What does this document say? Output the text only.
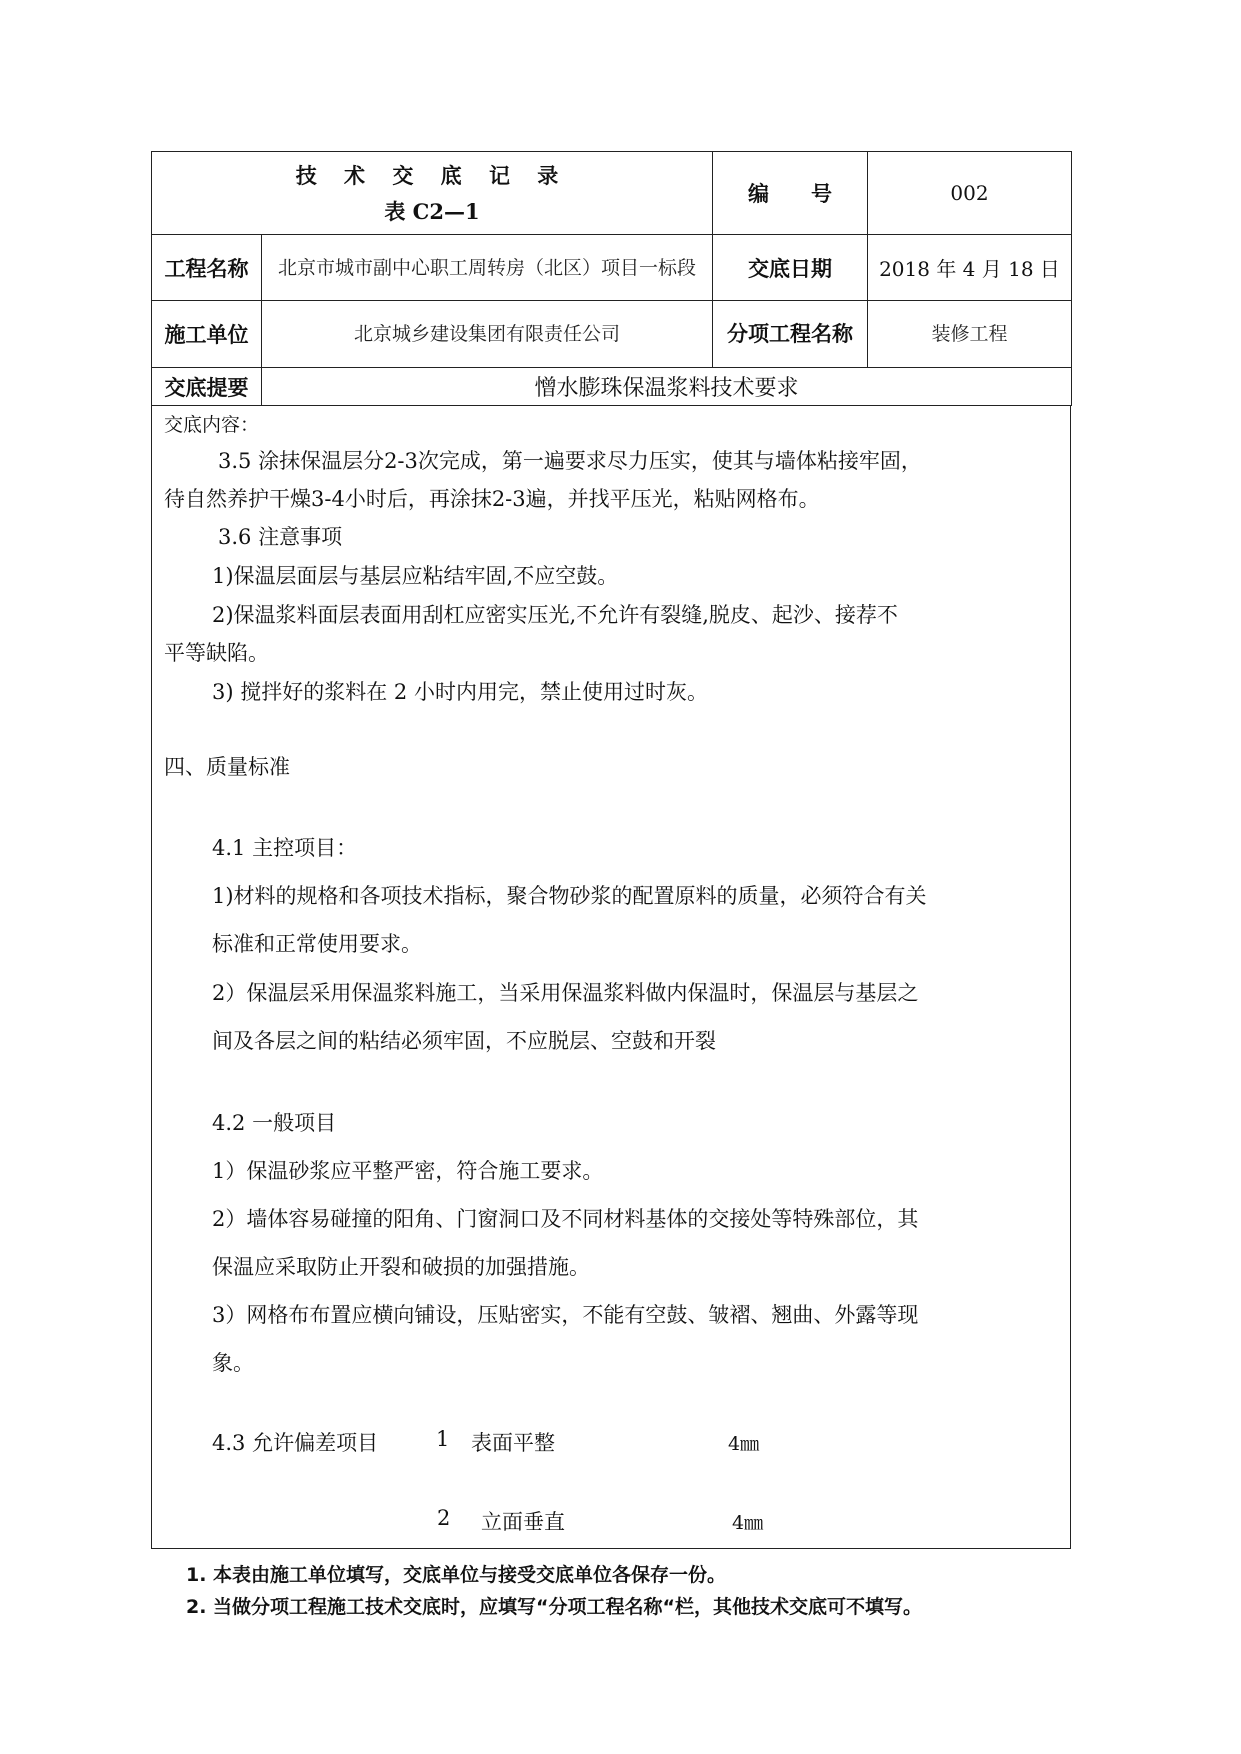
技 术 交 底 记 录
表 C2—1		编　　号	002
工程名称	北京市城市副中心职工周转房（北区）项目一标段	交底日期	2018 年 4 月 18 日
施工单位	北京城乡建设集团有限责任公司	分项工程名称	装修工程
交底提要	憎水膨珠保温浆料技术要求		
交底内容：
3.5 涂抹保温层分2-3次完成，第一遍要求尽力压实，使其与墙体粘接牢固，
待自然养护干燥3-4小时后，再涂抹2-3遍，并找平压光，粘贴网格布。
3.6 注意事项
1)保温层面层与基层应粘结牢固,不应空鼓。
2)保温浆料面层表面用刮杠应密实压光,不允许有裂缝,脱皮、起沙、接荐不
平等缺陷。
3) 搅拌好的浆料在 2 小时内用完，禁止使用过时灰。
四、质量标准
4.1 主控项目：
1)材料的规格和各项技术指标，聚合物砂浆的配置原料的质量，必须符合有关
标准和正常使用要求。
2）保温层采用保温浆料施工，当采用保温浆料做内保温时，保温层与基层之
间及各层之间的粘结必须牢固，不应脱层、空鼓和开裂
4.2 一般项目
1）保温砂浆应平整严密，符合施工要求。
2）墙体容易碰撞的阳角、门窗洞口及不同材料基体的交接处等特殊部位，其
保温应采取防止开裂和破损的加强措施。
3）网格布布置应横向铺设，压贴密实，不能有空鼓、皱褶、翘曲、外露等现
象。
4.3 允许偏差项目	1 表面平整	4㎜
2 立面垂直	4㎜
1. 本表由施工单位填写，交底单位与接受交底单位各保存一份。
2. 当做分项工程施工技术交底时，应填写“分项工程名称“栏，其他技术交底可不填写。
